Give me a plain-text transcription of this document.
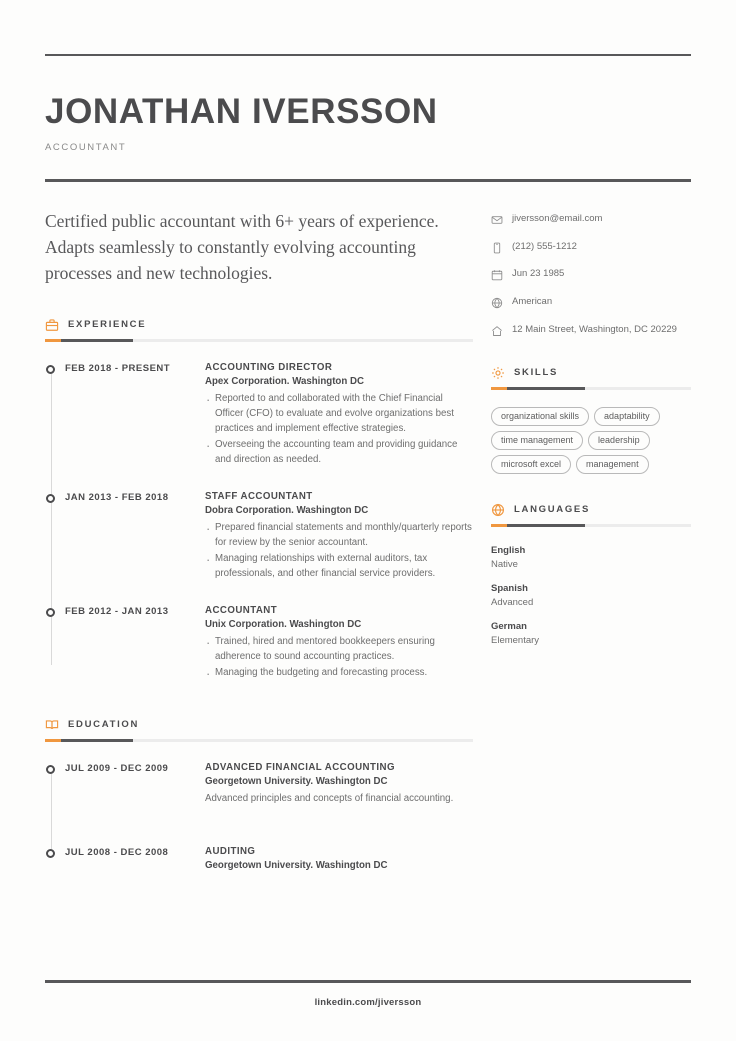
JONATHAN IVERSSON
ACCOUNTANT
Certified public accountant with 6+ years of experience. Adapts seamlessly to constantly evolving accounting processes and new technologies.
EXPERIENCE
FEB 2018 - PRESENT	ACCOUNTING DIRECTOR
Apex Corporation. Washington DC
· Reported to and collaborated with the Chief Financial Officer (CFO) to evaluate and evolve organizations best practices and implement effective strategies.
· Overseeing the accounting team and providing guidance and direction as needed.
JAN 2013 - FEB 2018	STAFF ACCOUNTANT
Dobra Corporation. Washington DC
· Prepared financial statements and monthly/quarterly reports for review by the senior accountant.
· Managing relationships with external auditors, tax professionals, and other financial service providers.
FEB 2012 - JAN 2013	ACCOUNTANT
Unix Corporation. Washington DC
· Trained, hired and mentored bookkeepers ensuring adherence to sound accounting practices.
· Managing the budgeting and forecasting process.
EDUCATION
JUL 2009 - DEC 2009	ADVANCED FINANCIAL ACCOUNTING
Georgetown University. Washington DC
Advanced principles and concepts of financial accounting.
JUL 2008 - DEC 2008	AUDITING
Georgetown University. Washington DC
jiversson@email.com
(212) 555-1212
Jun 23 1985
American
12 Main Street, Washington, DC 20229
SKILLS
organizational skills	adaptability
time management	leadership
microsoft excel	management
LANGUAGES
English
Native
Spanish
Advanced
German
Elementary
linkedin.com/jiversson
